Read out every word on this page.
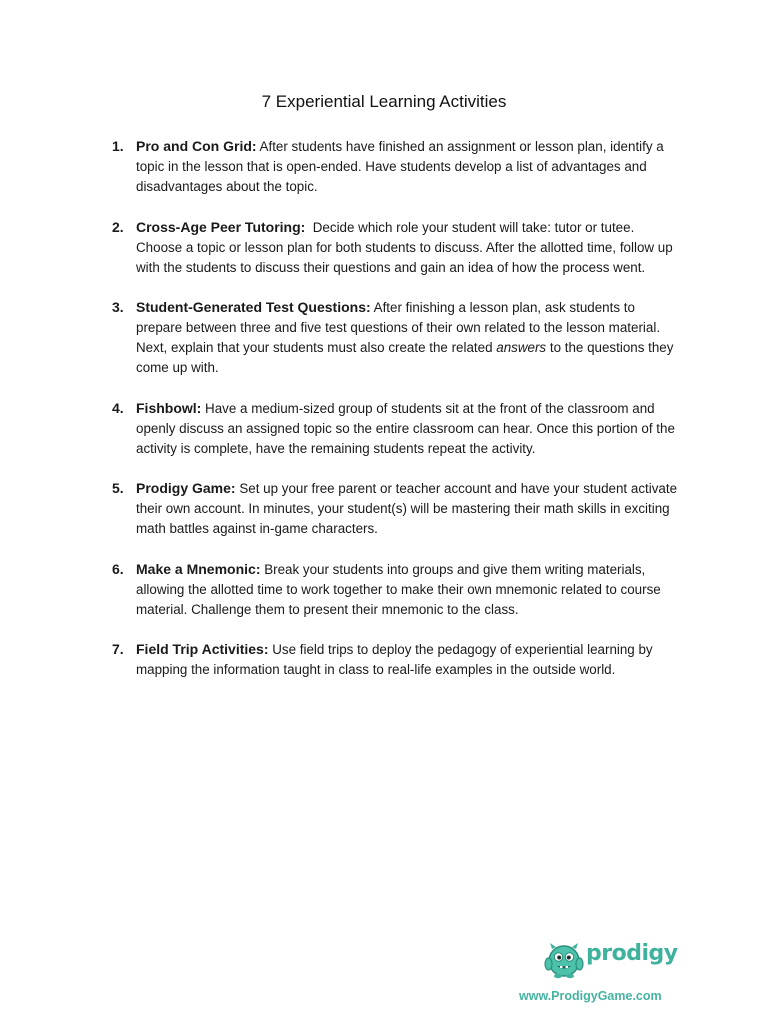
7 Experiential Learning Activities
1. Pro and Con Grid: After students have finished an assignment or lesson plan, identify a topic in the lesson that is open-ended. Have students develop a list of advantages and disadvantages about the topic.
2. Cross-Age Peer Tutoring:  Decide which role your student will take: tutor or tutee. Choose a topic or lesson plan for both students to discuss. After the allotted time, follow up with the students to discuss their questions and gain an idea of how the process went.
3. Student-Generated Test Questions: After finishing a lesson plan, ask students to prepare between three and five test questions of their own related to the lesson material. Next, explain that your students must also create the related answers to the questions they come up with.
4. Fishbowl: Have a medium-sized group of students sit at the front of the classroom and openly discuss an assigned topic so the entire classroom can hear. Once this portion of the activity is complete, have the remaining students repeat the activity.
5. Prodigy Game: Set up your free parent or teacher account and have your student activate their own account. In minutes, your student(s) will be mastering their math skills in exciting math battles against in-game characters.
6. Make a Mnemonic: Break your students into groups and give them writing materials, allowing the allotted time to work together to make their own mnemonic related to course material. Challenge them to present their mnemonic to the class.
7. Field Trip Activities: Use field trips to deploy the pedagogy of experiential learning by mapping the information taught in class to real-life examples in the outside world.
prodigy
www.ProdigyGame.com
